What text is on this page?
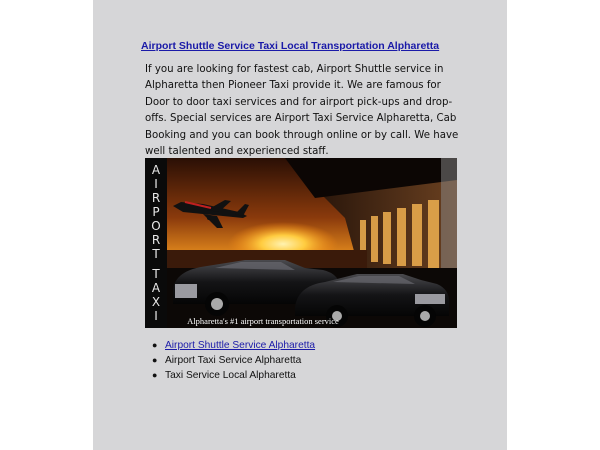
Airport Shuttle Service Taxi Local Transportation Alpharetta

If you are looking for fastest cab, Airport Shuttle service in Alpharetta then Pioneer Taxi provide it. We are famous for Door to door taxi services and for airport pick-ups and drop-offs. Special services are Airport Taxi Service Alpharetta, Cab Booking and you can book through online or by call. We have well talented and experienced staff.

A
I
R
P
O
R
T
T
A
X
I	Alpharetta's #1 airport transportation service
● Airport Shuttle Service Alpharetta
● Airport Taxi Service Alpharetta
● Taxi Service Local Alpharetta
